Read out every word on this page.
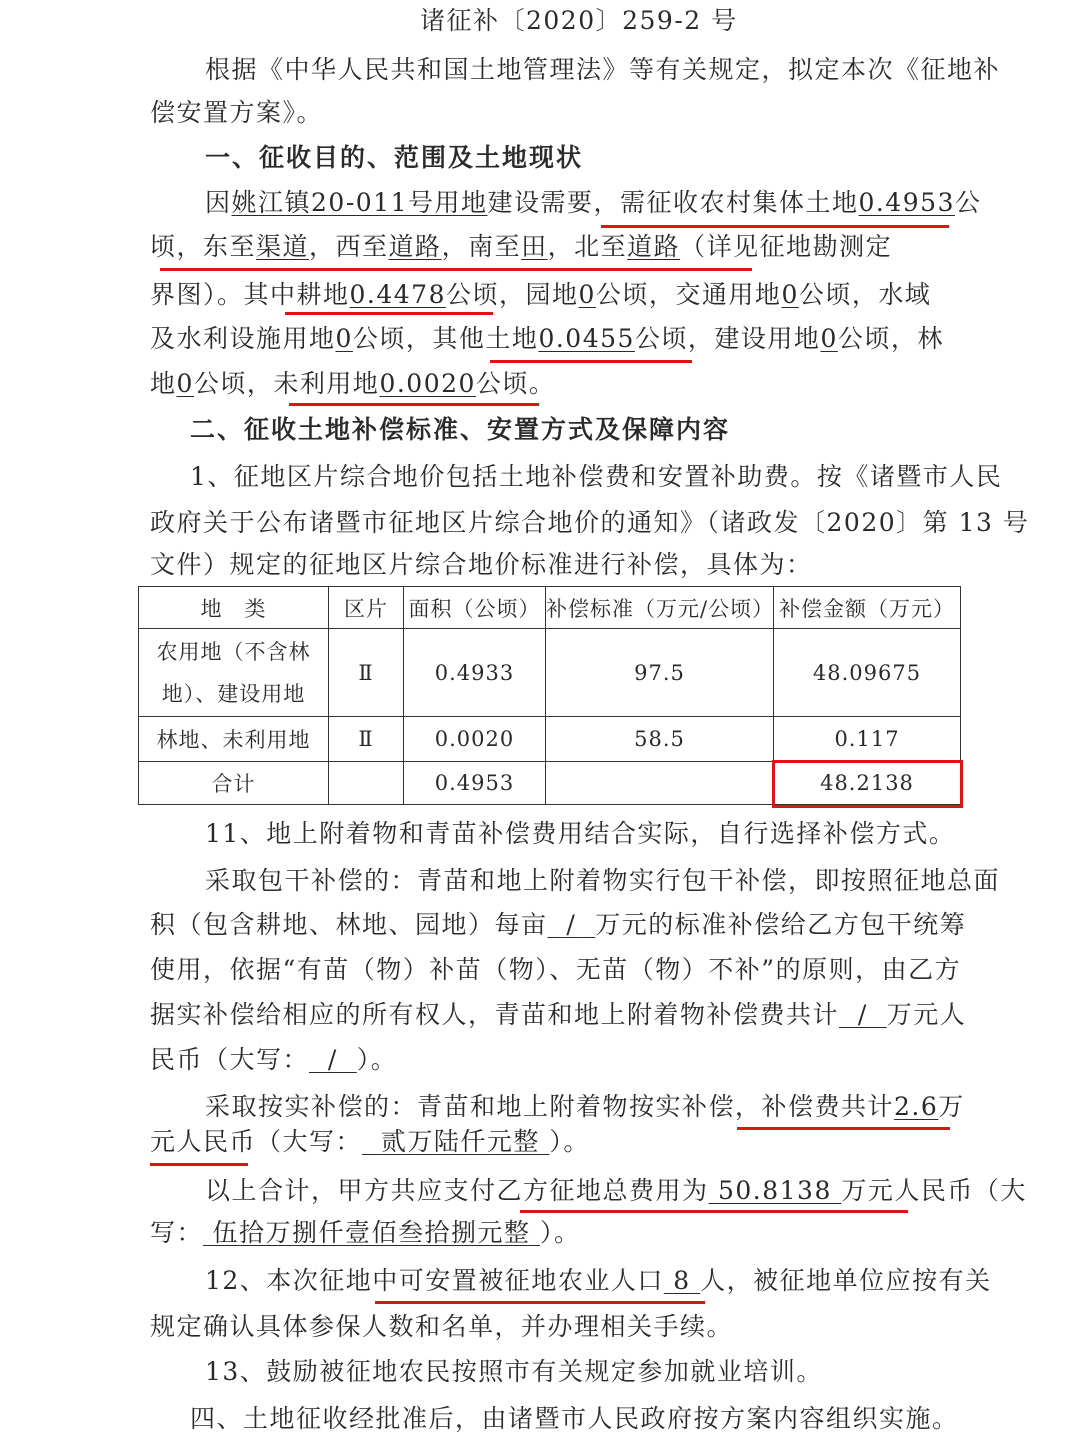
诸征补〔2020〕259-2 号
根据《中华人民共和国土地管理法》等有关规定，拟定本次《征地补
偿安置方案》。
一、征收目的、范围及土地现状
因姚江镇20-011号用地建设需要，需征收农村集体土地0.4953公
顷，东至渠道，西至道路，南至田，北至道路（详见征地勘测定
界图）。其中耕地0.4478公顷，园地0公顷，交通用地0公顷，水域
及水利设施用地0公顷，其他土地0.0455公顷，建设用地0公顷，林
地0公顷，未利用地0.0020公顷。
二、征收土地补偿标准、安置方式及保障内容
1、征地区片综合地价包括土地补偿费和安置补助费。按《诸暨市人民
政府关于公布诸暨市征地区片综合地价的通知》（诸政发〔2020〕第 13 号
文件）规定的征地区片综合地价标准进行补偿，具体为：
地　类	区片	面积（公顷）	补偿标准（万元/公顷）	补偿金额（万元）

农用地（不含林
地）、建设用地	Ⅱ	0.4933	97.5	48.09675
林地、未利用地	Ⅱ	0.0020	58.5	0.117
合计		0.4953		48.2138
11、地上附着物和青苗补偿费用结合实际，自行选择补偿方式。
采取包干补偿的：青苗和地上附着物实行包干补偿，即按照征地总面
积（包含耕地、林地、园地）每亩 / 万元的标准补偿给乙方包干统筹
使用，依据“有苗（物）补苗（物）、无苗（物）不补”的原则，由乙方
据实补偿给相应的所有权人，青苗和地上附着物补偿费共计 / 万元人
民币（大写： / ）。
采取按实补偿的：青苗和地上附着物按实补偿，补偿费共计2.6万
元人民币（大写： 贰万陆仟元整 ）。
以上合计，甲方共应支付乙方征地总费用为 50.8138 万元人民币（大
写： 伍拾万捌仟壹佰叁拾捌元整 ）。
12、本次征地中可安置被征地农业人口 8 人，被征地单位应按有关
规定确认具体参保人数和名单，并办理相关手续。
13、鼓励被征地农民按照市有关规定参加就业培训。
四、土地征收经批准后，由诸暨市人民政府按方案内容组织实施。
